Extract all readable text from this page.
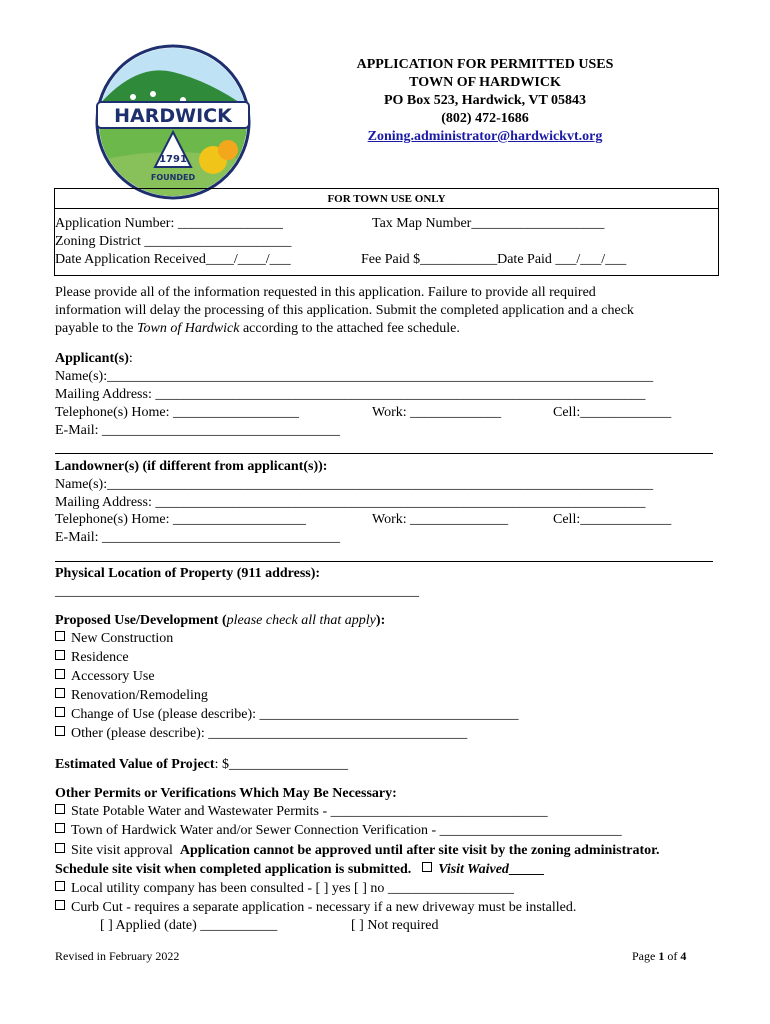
HARDWICK
1791
FOUNDED
APPLICATION FOR PERMITTED USES
TOWN OF HARDWICK
PO Box 523, Hardwick, VT 05843
(802) 472-1686
Zoning.administrator@hardwickvt.org
FOR TOWN USE ONLY
Application Number: _______________	Tax Map Number___________________
Zoning District _____________________
Date Application Received____/____/___	Fee Paid $___________Date Paid ___/___/___
Please provide all of the information requested in this application. Failure to provide all required
information will delay the processing of this application. Submit the completed application and a check
payable to the Town of Hardwick according to the attached fee schedule.
Applicant(s):
Name(s):______________________________________________________________________________
Mailing Address: ______________________________________________________________________
Telephone(s) Home: __________________	Work: _____________	Cell:_____________
E-Mail: __________________________________
Landowner(s) (if different from applicant(s)):
Name(s):______________________________________________________________________________
Mailing Address: ______________________________________________________________________
Telephone(s) Home: ___________________	Work: ______________	Cell:_____________
E-Mail: __________________________________
Physical Location of Property (911 address):
____________________________________________________
Proposed Use/Development (please check all that apply):
New Construction
Residence
Accessory Use
Renovation/Remodeling
Change of Use (please describe): _____________________________________
Other (please describe): _____________________________________
Estimated Value of Project: $_________________
Other Permits or Verifications Which May Be Necessary:
State Potable Water and Wastewater Permits - _______________________________
Town of Hardwick Water and/or Sewer Connection Verification - __________________________
Site visit approval Application cannot be approved until after site visit by the zoning administrator.
Schedule site visit when completed application is submitted. Visit Waived_____
Local utility company has been consulted - [ ] yes [ ] no __________________
Curb Cut - requires a separate application - necessary if a new driveway must be installed.
[ ] Applied (date) ___________	[ ] Not required
Revised in February 2022	Page 1 of 4
